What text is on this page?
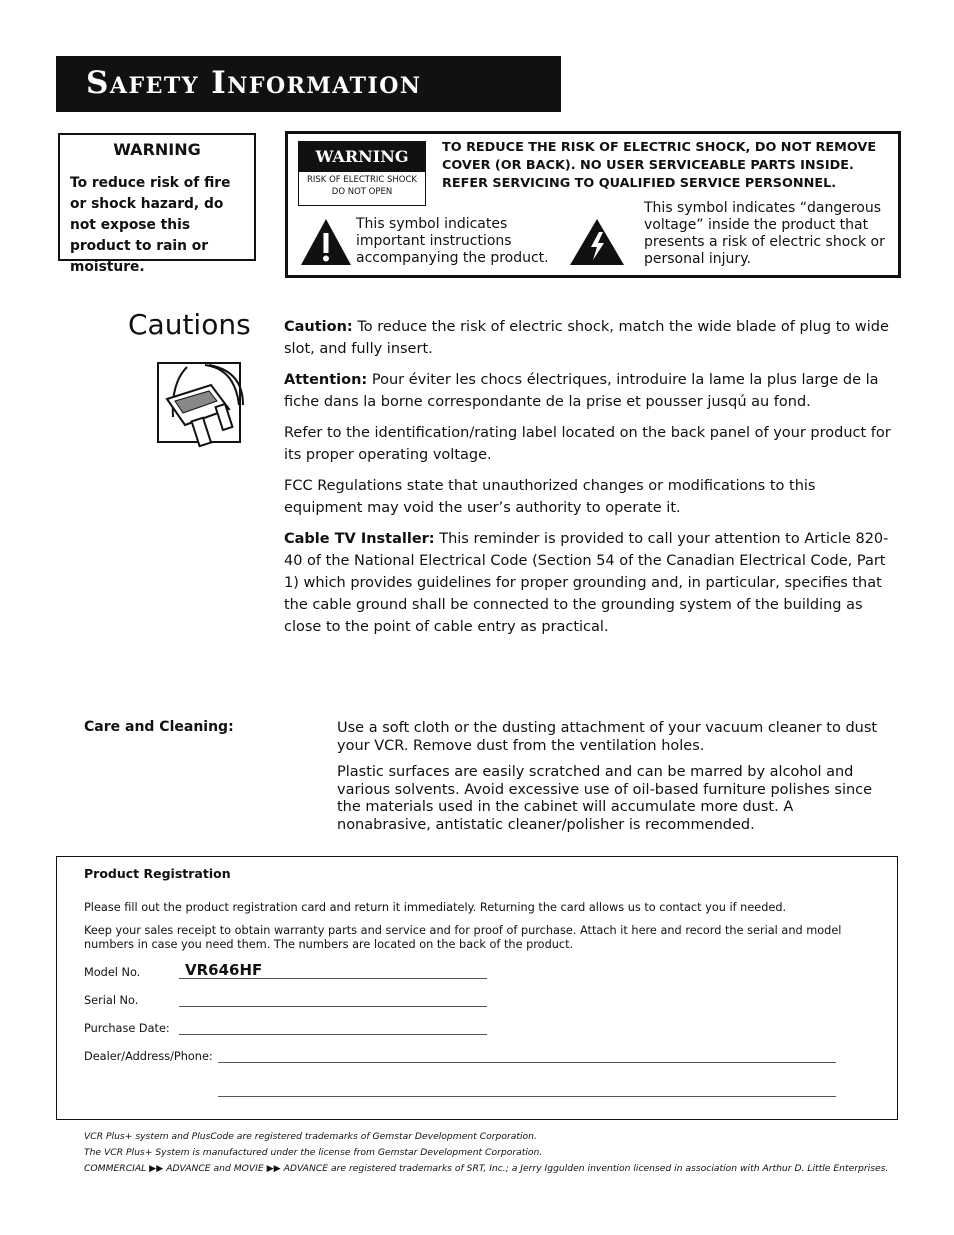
Safety Information
WARNING
To reduce risk of fire or shock hazard, do not expose this product to rain or moisture.
WARNING
RISK OF ELECTRIC SHOCK
DO NOT OPEN
TO REDUCE THE RISK OF ELECTRIC SHOCK, DO NOT REMOVE COVER (OR BACK). NO USER SERVICEABLE PARTS INSIDE. REFER SERVICING TO QUALIFIED SERVICE PERSONNEL.
This symbol indicates important instructions accompanying the product.
This symbol indicates “dangerous voltage” inside the product that presents a risk of electric shock or personal injury.
Cautions Caution: To reduce the risk of electric shock, match the wide blade of plug to wide slot, and fully insert.
Attention: Pour éviter les chocs électriques, introduire la lame la plus large de la fiche dans la borne correspondante de la prise et pousser jusqú au fond.
Refer to the identification/rating label located on the back panel of your product for its proper operating voltage.
FCC Regulations state that unauthorized changes or modifications to this equipment may void the user’s authority to operate it.
Cable TV Installer: This reminder is provided to call your attention to Article 820-40 of the National Electrical Code (Section 54 of the Canadian Electrical Code, Part 1) which provides guidelines for proper grounding and, in particular, specifies that the cable ground shall be connected to the grounding system of the building as close to the point of cable entry as practical.
Care and Cleaning:	Use a soft cloth or the dusting attachment of your vacuum cleaner to dust your VCR. Remove dust from the ventilation holes.
Plastic surfaces are easily scratched and can be marred by alcohol and various solvents. Avoid excessive use of oil-based furniture polishes since the materials used in the cabinet will accumulate more dust. A nonabrasive, antistatic cleaner/polisher is recommended.
Product Registration
Please fill out the product registration card and return it immediately. Returning the card allows us to contact you if needed.
Keep your sales receipt to obtain warranty parts and service and for proof of purchase. Attach it here and record the serial and model numbers in case you need them. The numbers are located on the back of the product.
Model No.	VR646HF
Serial No.
Purchase Date:
Dealer/Address/Phone:
VCR Plus+ system and PlusCode are registered trademarks of Gemstar Development Corporation.
The VCR Plus+ System is manufactured under the license from Gemstar Development Corporation.
COMMERCIAL ▶▶ ADVANCE and MOVIE ▶▶ ADVANCE are registered trademarks of SRT, Inc.; a Jerry Iggulden invention licensed in association with Arthur D. Little Enterprises.
